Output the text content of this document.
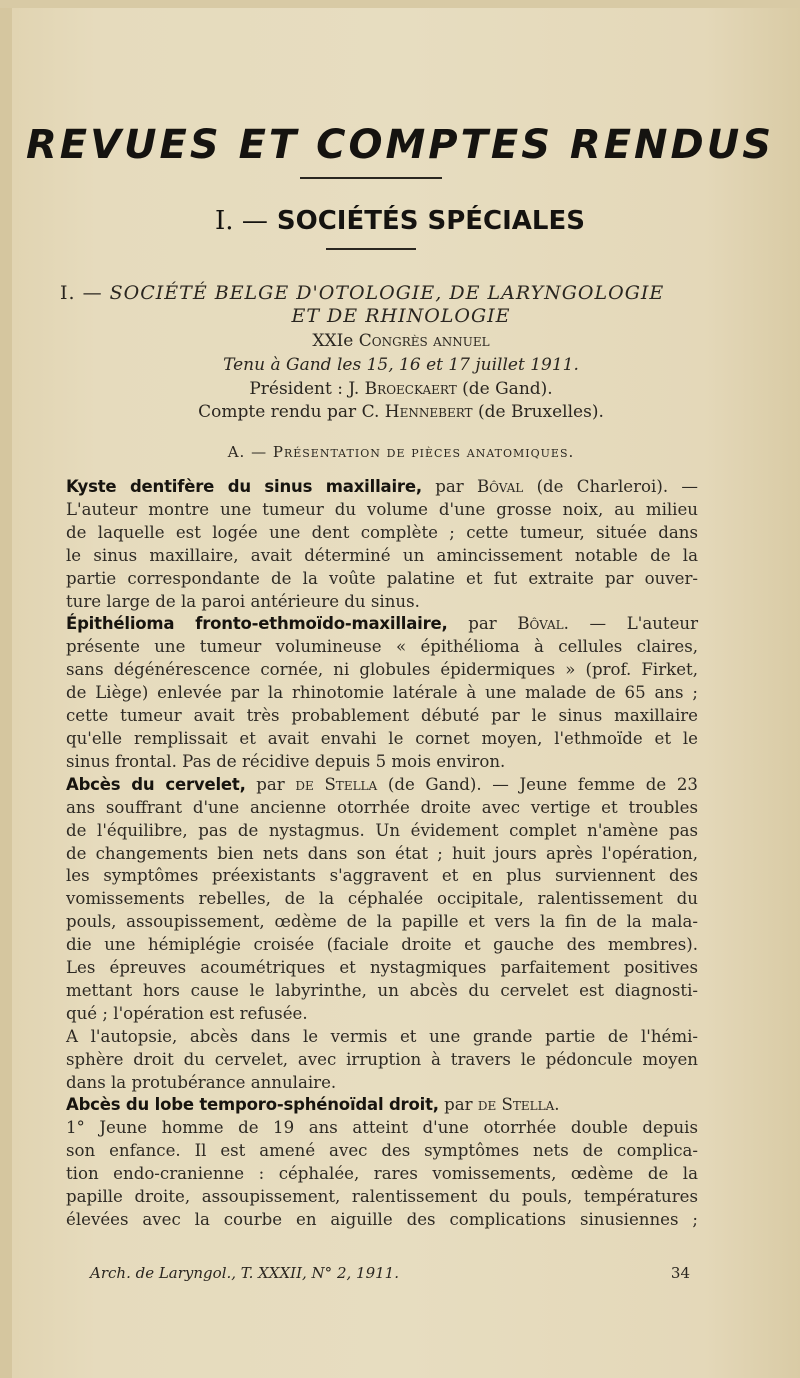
REVUES ET COMPTES RENDUS
I. — SOCIÉTÉS SPÉCIALES
I. — SOCIÉTÉ BELGE D'OTOLOGIE, DE LARYNGOLOGIE
ET DE RHINOLOGIE
XXIe Congrès annuel
Tenu à Gand les 15, 16 et 17 juillet 1911.
Président : J. Broeckaert (de Gand).
Compte rendu par C. Hennebert (de Bruxelles).
A. — Présentation de pièces anatomiques.

Kyste dentifère du sinus maxillaire, par Bôval (de Charleroi). —
L'auteur montre une tumeur du volume d'une grosse noix, au milieu
de laquelle est logée une dent complète ; cette tumeur, située dans
le sinus maxillaire, avait déterminé un amincissement notable de la
partie correspondante de la voûte palatine et fut extraite par ouver-
ture large de la paroi antérieure du sinus.

Épithélioma fronto-ethmoïdo-maxillaire, par Bôval. — L'auteur
présente une tumeur volumineuse « épithélioma à cellules claires,
sans dégénérescence cornée, ni globules épidermiques » (prof. Firket,
de Liège) enlevée par la rhinotomie latérale à une malade de 65 ans ;
cette tumeur avait très probablement débuté par le sinus maxillaire
qu'elle remplissait et avait envahi le cornet moyen, l'ethmoïde et le
sinus frontal. Pas de récidive depuis 5 mois environ.

Abcès du cervelet, par de Stella (de Gand). — Jeune femme de 23
ans souffrant d'une ancienne otorrhée droite avec vertige et troubles
de l'équilibre, pas de nystagmus. Un évidement complet n'amène pas
de changements bien nets dans son état ; huit jours après l'opération,
les symptômes préexistants s'aggravent et en plus surviennent des
vomissements rebelles, de la céphalée occipitale, ralentissement du
pouls, assoupissement, œdème de la papille et vers la fin de la mala-
die une hémiplégie croisée (faciale droite et gauche des membres).
Les épreuves acoumétriques et nystagmiques parfaitement positives
mettant hors cause le labyrinthe, un abcès du cervelet est diagnosti-
qué ; l'opération est refusée.

A l'autopsie, abcès dans le vermis et une grande partie de l'hémi-
sphère droit du cervelet, avec irruption à travers le pédoncule moyen
dans la protubérance annulaire.

Abcès du lobe temporo-sphénoïdal droit, par de Stella.

1° Jeune homme de 19 ans atteint d'une otorrhée double depuis
son enfance. Il est amené avec des symptômes nets de complica-
tion endo-cranienne : céphalée, rares vomissements, œdème de la
papille droite, assoupissement, ralentissement du pouls, températures
élevées avec la courbe en aiguille des complications sinusiennes ;

Arch. de Laryngol., T. XXXII, N° 2, 1911.	34
